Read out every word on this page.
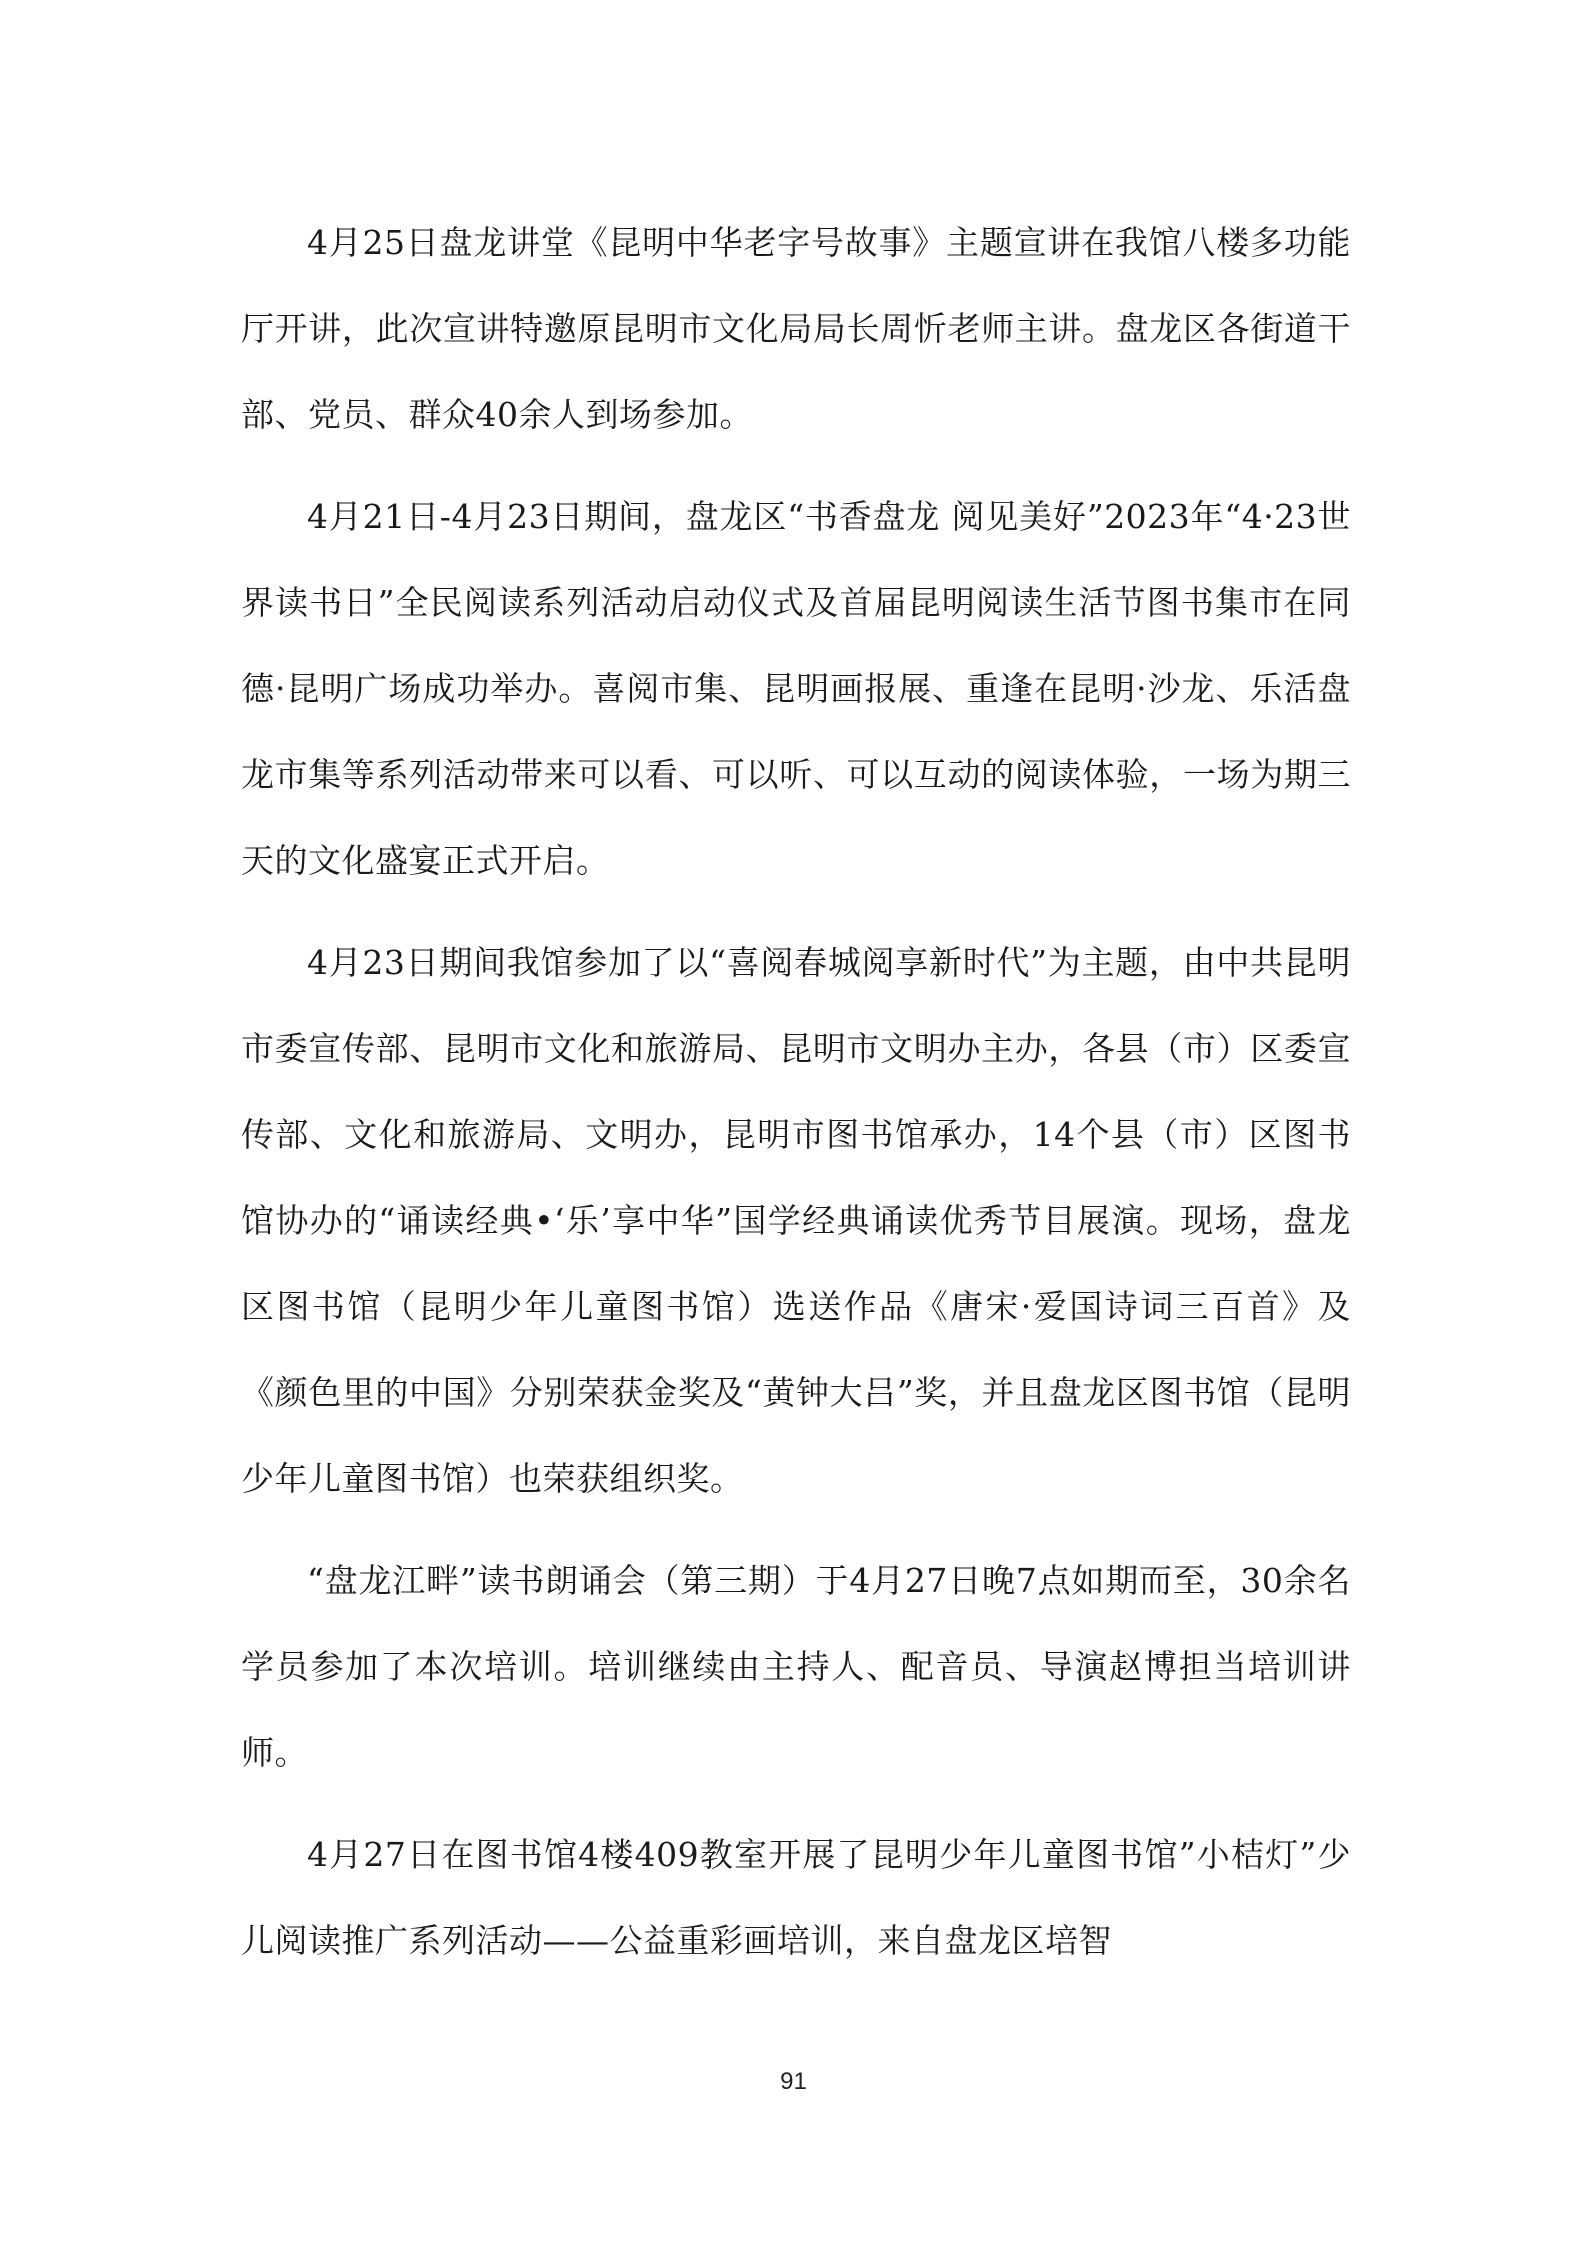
4月25日盘龙讲堂《昆明中华老字号故事》主题宣讲在我馆八楼多功能厅开讲，此次宣讲特邀原昆明市文化局局长周忻老师主讲。盘龙区各街道干部、党员、群众40余人到场参加。

4月21日-4月23日期间，盘龙区“书香盘龙 阅见美好”2023年“4·23世界读书日”全民阅读系列活动启动仪式及首届昆明阅读生活节图书集市在同德·昆明广场成功举办。喜阅市集、昆明画报展、重逢在昆明·沙龙、乐活盘龙市集等系列活动带来可以看、可以听、可以互动的阅读体验，一场为期三天的文化盛宴正式开启。

4月23日期间我馆参加了以“喜阅春城阅享新时代”为主题，由中共昆明市委宣传部、昆明市文化和旅游局、昆明市文明办主办，各县（市）区委宣传部、文化和旅游局、文明办，昆明市图书馆承办，14个县（市）区图书馆协办的“诵读经典•‘乐’享中华”国学经典诵读优秀节目展演。现场，盘龙区图书馆（昆明少年儿童图书馆）选送作品《唐宋·爱国诗词三百首》及《颜色里的中国》分别荣获金奖及“黄钟大吕”奖，并且盘龙区图书馆（昆明少年儿童图书馆）也荣获组织奖。

“盘龙江畔”读书朗诵会（第三期）于4月27日晚7点如期而至，30余名学员参加了本次培训。培训继续由主持人、配音员、导演赵博担当培训讲师。

4月27日在图书馆4楼409教室开展了昆明少年儿童图书馆”小桔灯”少儿阅读推广系列活动——公益重彩画培训，来自盘龙区培智

91
